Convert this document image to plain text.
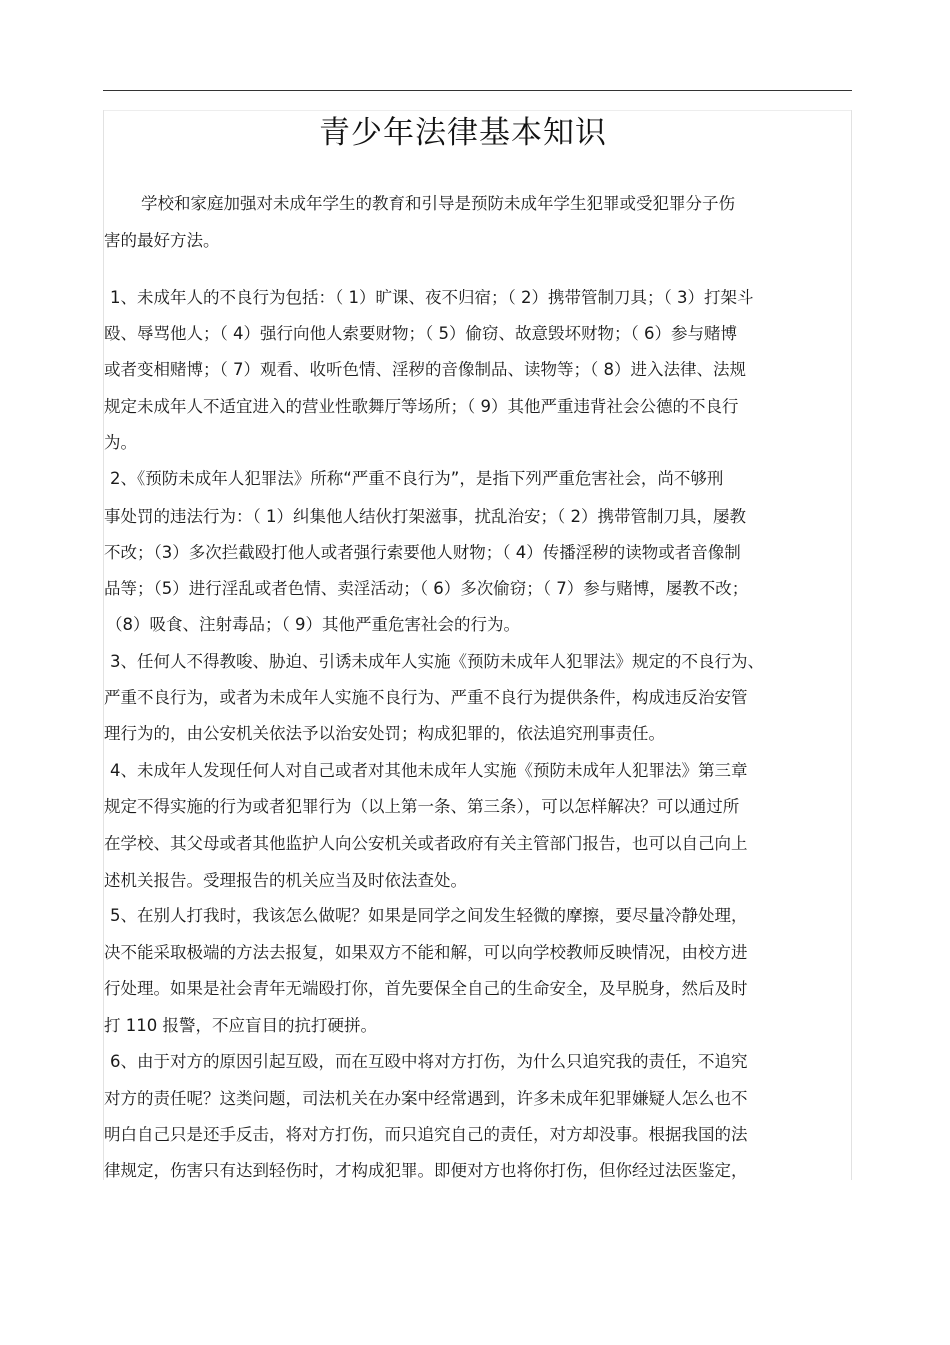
青少年法律基本知识
学校和家庭加强对未成年学生的教育和引导是预防未成年学生犯罪或受犯罪分子伤
害的最好方法。
1、未成年人的不良行为包括：（ 1）旷课、夜不归宿；（ 2）携带管制刀具；（ 3）打架斗
殴、辱骂他人；（ 4）强行向他人索要财物；（ 5）偷窃、故意毁坏财物；（ 6）参与赌博
或者变相赌博；（ 7）观看、收听色情、淫秽的音像制品、读物等；（ 8）进入法律、法规
规定未成年人不适宜进入的营业性歌舞厅等场所；（ 9）其他严重违背社会公德的不良行
为。
2、《预防未成年人犯罪法》所称“严重不良行为”，是指下列严重危害社会，尚不够刑
事处罚的违法行为：（ 1）纠集他人结伙打架滋事，扰乱治安；（ 2）携带管制刀具，屡教
不改；（3）多次拦截殴打他人或者强行索要他人财物；（ 4）传播淫秽的读物或者音像制
品等；（5）进行淫乱或者色情、卖淫活动；（ 6）多次偷窃；（ 7）参与赌博，屡教不改；
（8）吸食、注射毒品；（ 9）其他严重危害社会的行为。
3、任何人不得教唆、胁迫、引诱未成年人实施《预防未成年人犯罪法》规定的不良行为、
严重不良行为，或者为未成年人实施不良行为、严重不良行为提供条件，构成违反治安管
理行为的，由公安机关依法予以治安处罚；构成犯罪的，依法追究刑事责任。
4、未成年人发现任何人对自己或者对其他未成年人实施《预防未成年人犯罪法》第三章
规定不得实施的行为或者犯罪行为（以上第一条、第三条），可以怎样解决？可以通过所
在学校、其父母或者其他监护人向公安机关或者政府有关主管部门报告，也可以自己向上
述机关报告。受理报告的机关应当及时依法查处。
5、在别人打我时，我该怎么做呢？如果是同学之间发生轻微的摩擦，要尽量冷静处理，
决不能采取极端的方法去报复，如果双方不能和解，可以向学校教师反映情况，由校方进
行处理。如果是社会青年无端殴打你，首先要保全自己的生命安全，及早脱身，然后及时
打 110 报警，不应盲目的抗打硬拼。
6、由于对方的原因引起互殴，而在互殴中将对方打伤，为什么只追究我的责任，不追究
对方的责任呢？这类问题，司法机关在办案中经常遇到，许多未成年犯罪嫌疑人怎么也不
明白自己只是还手反击，将对方打伤，而只追究自己的责任，对方却没事。根据我国的法
律规定，伤害只有达到轻伤时，才构成犯罪。即便对方也将你打伤，但你经过法医鉴定，
